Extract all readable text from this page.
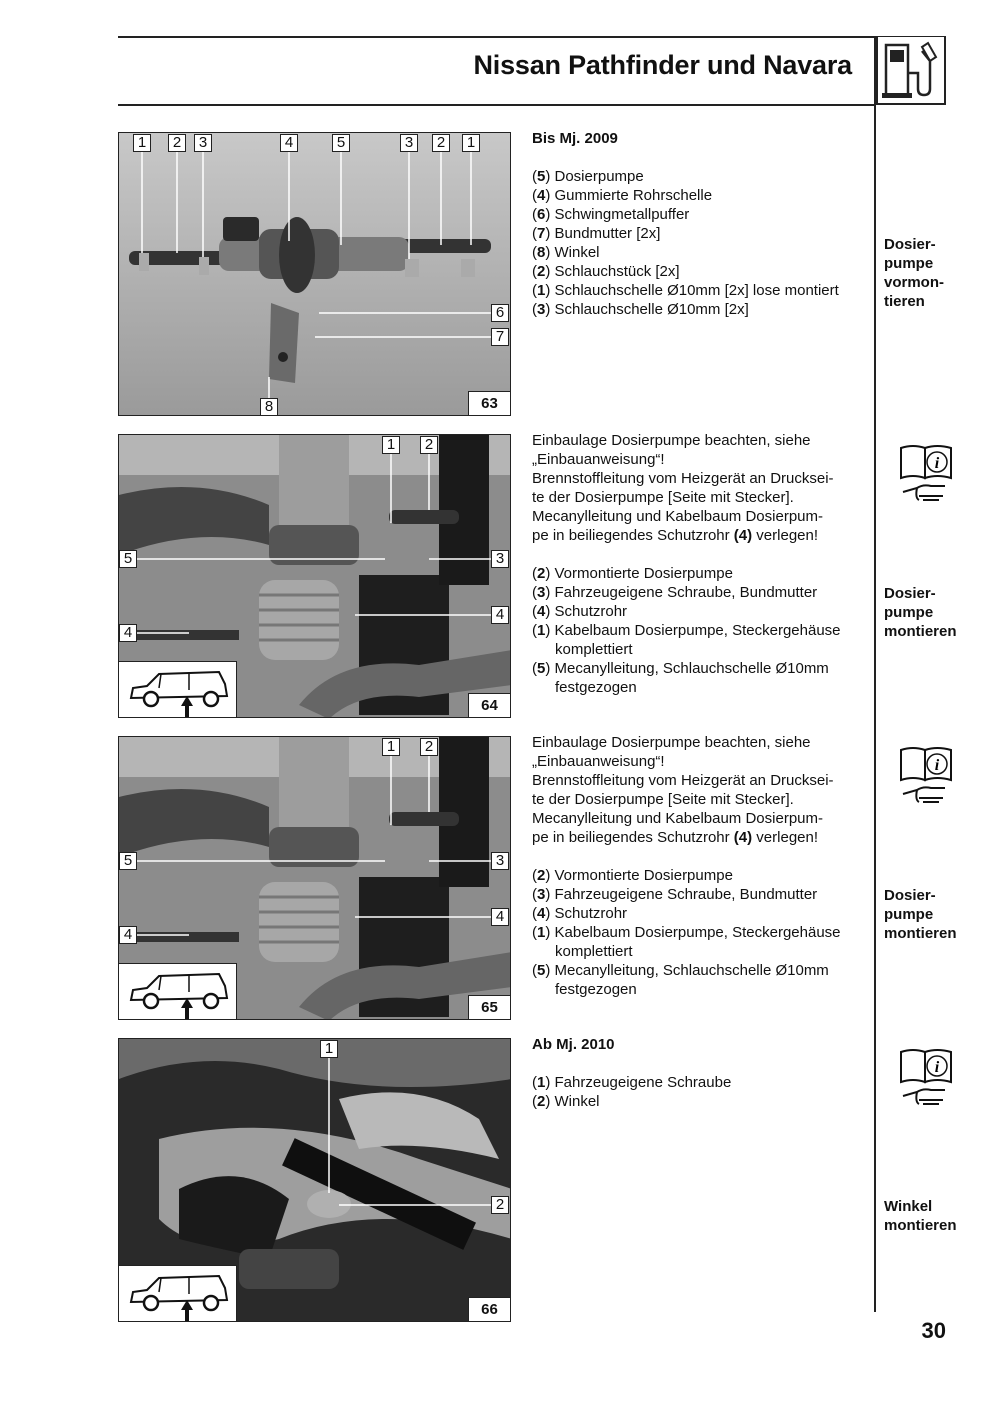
Nissan Pathfinder und Navara
1	2	3	4	5	3	2	1
6
7
8	63
Bis Mj. 2009
(5) Dosierpumpe
(4) Gummierte Rohrschelle
(6) Schwingmetallpuffer
(7) Bundmutter [2x]
(8) Winkel
(2) Schlauchstück [2x]
(1) Schlauchschelle Ø10mm [2x] lose montiert
(3) Schlauchschelle Ø10mm [2x]
Dosier-
pumpe
vormon-
tieren
1	2
5	3
4
4
64
Einbaulage Dosierpumpe beachten, siehe
„Einbauanweisung“!
Brennstoffleitung vom Heizgerät an Drucksei-
te der Dosierpumpe [Seite mit Stecker].
Mecanylleitung und Kabelbaum Dosierpum-
pe in beiliegendes Schutzrohr (4) verlegen!
(2) Vormontierte Dosierpumpe
(3) Fahrzeugeigene Schraube, Bundmutter
(4) Schutzrohr
(1) Kabelbaum Dosierpumpe, Steckergehäuse komplettiert
(5) Mecanylleitung, Schlauchschelle Ø10mm festgezogen
i
Dosier-
pumpe
montieren
1	2
5	3
4
4
65
Einbaulage Dosierpumpe beachten, siehe
„Einbauanweisung“!
Brennstoffleitung vom Heizgerät an Drucksei-
te der Dosierpumpe [Seite mit Stecker].
Mecanylleitung und Kabelbaum Dosierpum-
pe in beiliegendes Schutzrohr (4) verlegen!
(2) Vormontierte Dosierpumpe
(3) Fahrzeugeigene Schraube, Bundmutter
(4) Schutzrohr
(1) Kabelbaum Dosierpumpe, Steckergehäuse komplettiert
(5) Mecanylleitung, Schlauchschelle Ø10mm festgezogen
i
Dosier-
pumpe
montieren
1
2
66
Ab Mj. 2010
(1) Fahrzeugeigene Schraube
(2) Winkel
i
Winkel
montieren
30
